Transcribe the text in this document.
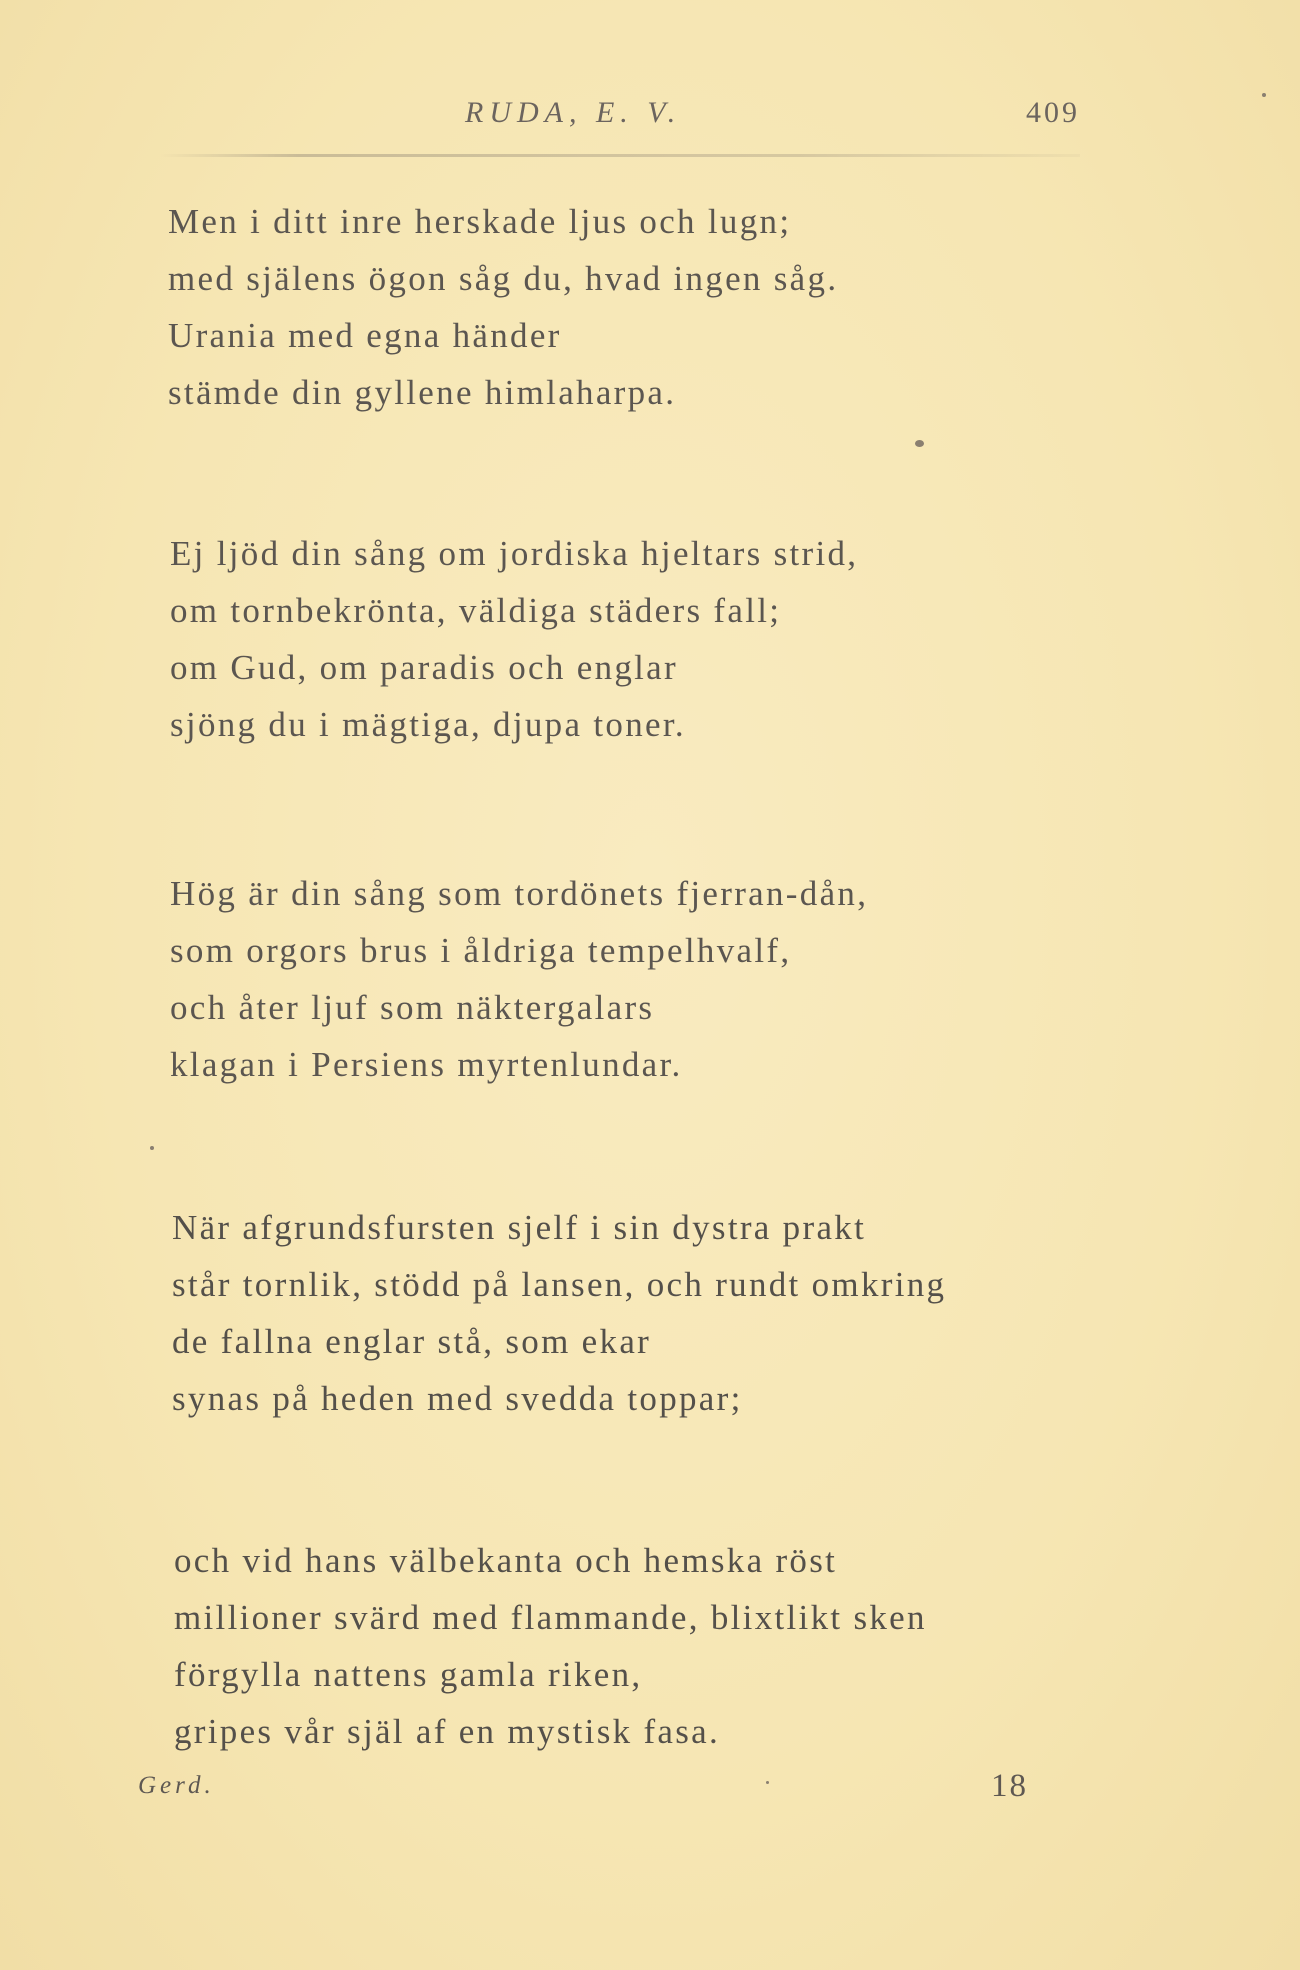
RUDA, E. V.	409
Men i ditt inre herskade ljus och lugn;
med själens ögon såg du, hvad ingen såg.
Urania med egna händer
stämde din gyllene himlaharpa.
Ej ljöd din sång om jordiska hjeltars strid,
om tornbekrönta, väldiga städers fall;
om Gud, om paradis och englar
sjöng du i mägtiga, djupa toner.
Hög är din sång som tordönets fjerran-dån,
som orgors brus i åldriga tempelhvalf,
och åter ljuf som näktergalars
klagan i Persiens myrtenlundar.
När afgrundsfursten sjelf i sin dystra prakt
står tornlik, stödd på lansen, och rundt omkring
de fallna englar stå, som ekar
synas på heden med svedda toppar;
och vid hans välbekanta och hemska röst
millioner svärd med flammande, blixtlikt sken
förgylla nattens gamla riken,
gripes vår själ af en mystisk fasa.
Gerd.	18
